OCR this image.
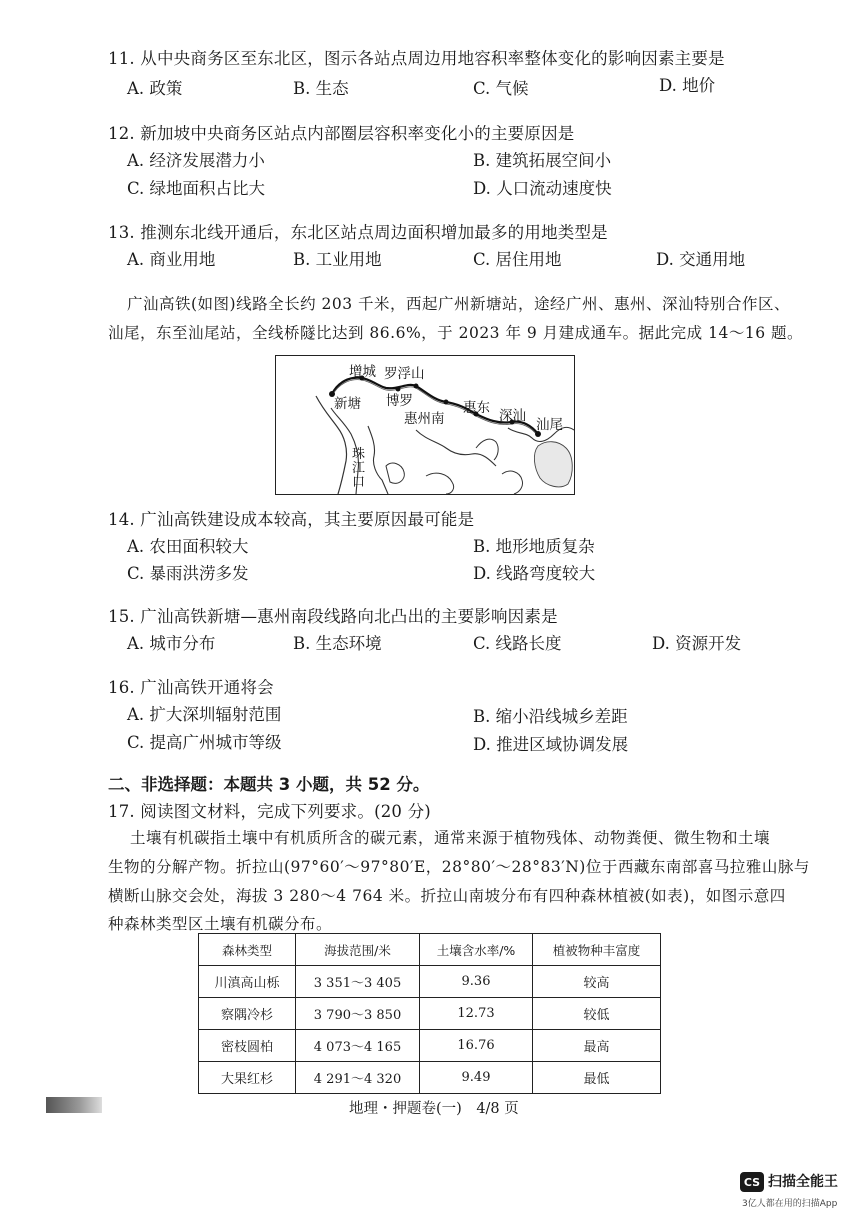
11. 从中央商务区至东北区，图示各站点周边用地容积率整体变化的影响因素主要是
A. 政策	B. 生态	C. 气候	D. 地价
12. 新加坡中央商务区站点内部圈层容积率变化小的主要原因是
A. 经济发展潜力小	B. 建筑拓展空间小
C. 绿地面积占比大	D. 人口流动速度快
13. 推测东北线开通后，东北区站点周边面积增加最多的用地类型是
A. 商业用地	B. 工业用地	C. 居住用地	D. 交通用地
广汕高铁(如图)线路全长约 203 千米，西起广州新塘站，途经广州、惠州、深汕特别合作区、
汕尾，东至汕尾站，全线桥隧比达到 86.6%，于 2023 年 9 月建成通车。据此完成 14～16 题。
增城 罗浮山
新塘 博罗
惠州南
惠东 深汕
汕尾
珠江口
14. 广汕高铁建设成本较高，其主要原因最可能是
A. 农田面积较大	B. 地形地质复杂
C. 暴雨洪涝多发	D. 线路弯度较大
15. 广汕高铁新塘—惠州南段线路向北凸出的主要影响因素是
A. 城市分布	B. 生态环境	C. 线路长度	D. 资源开发
16. 广汕高铁开通将会
A. 扩大深圳辐射范围	B. 缩小沿线城乡差距
C. 提高广州城市等级	D. 推进区域协调发展
二、非选择题：本题共 3 小题，共 52 分。
17. 阅读图文材料，完成下列要求。(20 分)
土壤有机碳指土壤中有机质所含的碳元素，通常来源于植物残体、动物粪便、微生物和土壤
生物的分解产物。折拉山(97°60′～97°80′E，28°80′～28°83′N)位于西藏东南部喜马拉雅山脉与
横断山脉交会处，海拔 3 280～4 764 米。折拉山南坡分布有四种森林植被(如表)，如图示意四
种森林类型区土壤有机碳分布。
森林类型	海拔范围/米	土壤含水率/%	植被物种丰富度
川滇高山栎	3 351～3 405	9.36	较高
察隅冷杉	3 790～3 850	12.73	较低
密枝圆柏	4 073～4 165	16.76	最高
大果红杉	4 291～4 320	9.49	最低
地理・押题卷(一)　4/8 页
CS 扫描全能王
3亿人都在用的扫描App
